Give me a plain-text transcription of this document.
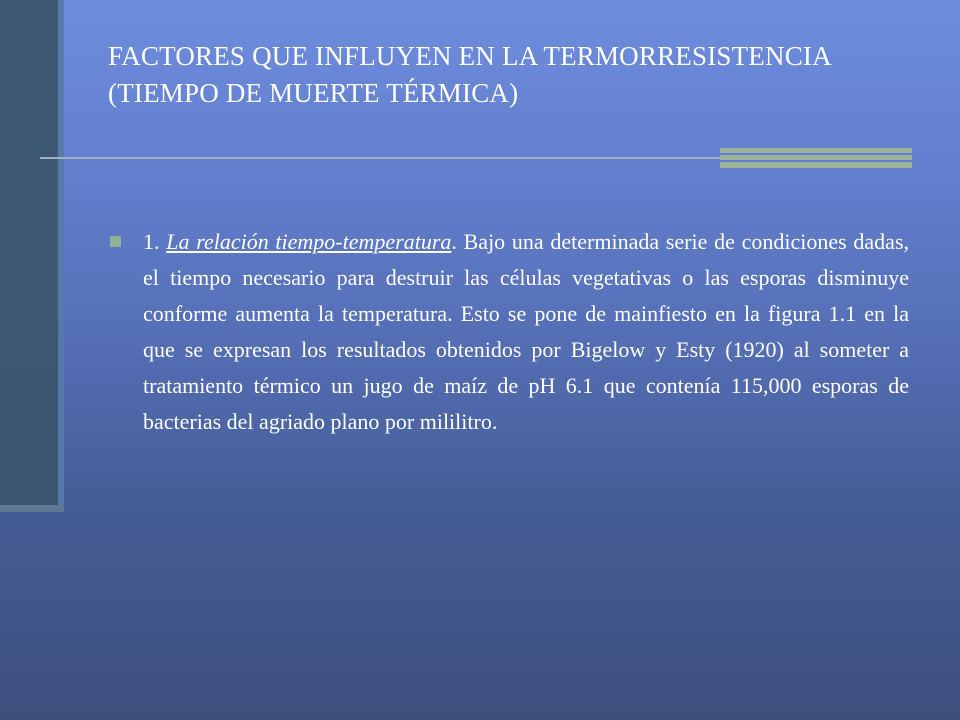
FACTORES QUE INFLUYEN EN LA TERMORRESISTENCIA (TIEMPO DE MUERTE TÉRMICA)

1. La relación tiempo-temperatura. Bajo una determinada serie de condiciones dadas, el tiempo necesario para destruir las células vegetativas o las esporas disminuye conforme aumenta la temperatura. Esto se pone de mainfiesto en la figura 1.1 en la que se expresan los resultados obtenidos por Bigelow y Esty (1920) al someter a tratamiento térmico un jugo de maíz de pH 6.1 que contenía 115,000 esporas de bacterias del agriado plano por mililitro.
